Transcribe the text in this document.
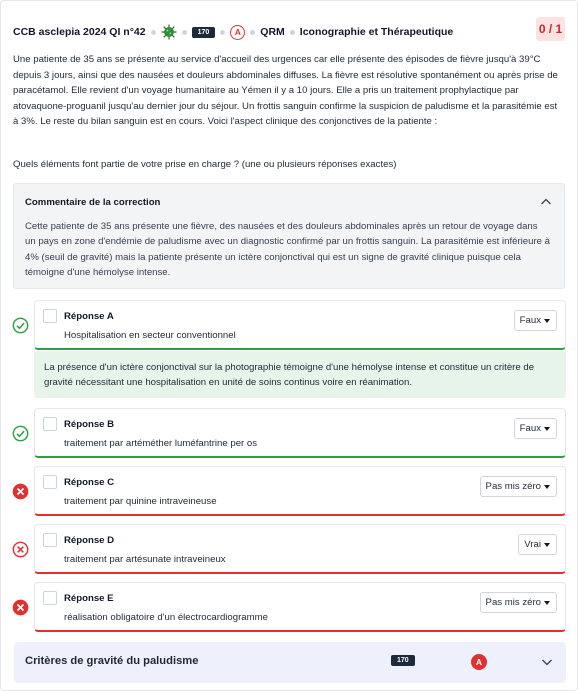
CCB asclepia 2024 QI n°42	170	A	QRM Iconographie et Thérapeutique	0 / 1
Une patiente de 35 ans se présente au service d'accueil des urgences car elle présente des épisodes de fièvre jusqu'à 39°C depuis 3 jours, ainsi que des nausées et douleurs abdominales diffuses. La fièvre est résolutive spontanément ou après prise de paracétamol. Elle revient d'un voyage humanitaire au Yémen il y a 10 jours. Elle a pris un traitement prophylactique par atovaquone-proguanil jusqu'au dernier jour du séjour. Un frottis sanguin confirme la suspicion de paludisme et la parasitémie est à 3%. Le reste du bilan sanguin est en cours. Voici l'aspect clinique des conjonctives de la patiente :
Quels éléments font partie de votre prise en charge ? (une ou plusieurs réponses exactes)
Commentaire de la correction
Cette patiente de 35 ans présente une fièvre, des nausées et des douleurs abdominales après un retour de voyage dans un pays en zone d'endémie de paludisme avec un diagnostic confirmé par un frottis sanguin. La parasitémie est inférieure à 4% (seuil de gravité) mais la patiente présente un ictère conjonctival qui est un signe de gravité clinique puisque cela témoigne d'une hémolyse intense.
Réponse A
Hospitalisation en secteur conventionnel
Faux
La présence d'un ictère conjonctival sur la photographie témoigne d'une hémolyse intense et constitue un critère de gravité nécessitant une hospitalisation en unité de soins continus voire en réanimation.
Réponse B
traitement par artéméther luméfantrine per os
Faux
Réponse C
traitement par quinine intraveineuse
Pas mis zéro
Réponse D
traitement par artésunate intraveineux
Vrai
Réponse E
réalisation obligatoire d'un électrocardiogramme
Pas mis zéro
Critères de gravité du paludisme	170	A
